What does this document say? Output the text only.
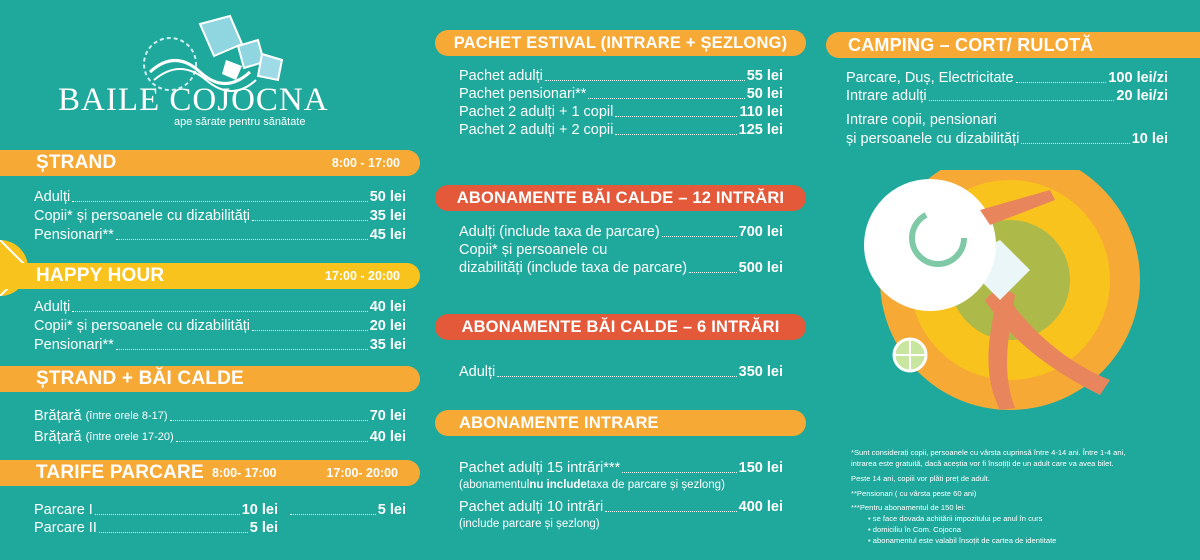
BAILE COJOCNA
ape sărate pentru sănătate
ȘTRAND	8:00 - 17:00
Adulți	50 lei
Copii* și persoanele cu dizabilități	35 lei
Pensionari**	45 lei
HAPPY HOUR	17:00 - 20:00
Adulți	40 lei
Copii* și persoanele cu dizabilități	20 lei
Pensionari**	35 lei
ȘTRAND + BĂI CALDE
Brățară
(între orele 8-17)	70 lei
Brățară
(între orele 17-20)	40 lei
TARIFE PARCARE 8:00- 17:00	17:00- 20:00
Parcare I	10 lei	5 lei
Parcare II	5 lei
PACHET ESTIVAL (INTRARE + ȘEZLONG)
Pachet adulți	55 lei
Pachet pensionari**	50 lei
Pachet 2 adulți + 1 copil	110 lei
Pachet 2 adulți + 2 copii	125 lei
ABONAMENTE BĂI CALDE – 12 INTRĂRI
Adulți (include taxa de parcare)	700 lei
Copii* și persoanele cu
dizabilități (include taxa de parcare)	500 lei
ABONAMENTE BĂI CALDE – 6 INTRĂRI
Adulți	350 lei
ABONAMENTE INTRARE
Pachet adulți 15 intrări***	150 lei
(abonamentul nu include taxa de parcare și șezlong)
Pachet adulți 10 intrări	400 lei
(include parcare și șezlong)
CAMPING – CORT/ RULOTĂ
Parcare, Duș, Electricitate	100 lei/zi
Intrare adulți	20 lei/zi
Intrare copii, pensionari
și persoanele cu dizabilități	10 lei
*Sunt considerați copii, persoanele cu vârsta cuprinsă între 4-14 ani. Între 1-4 ani,
intrarea este gratuită, dacă aceștia vor fi însoțiți de un adult care va avea bilet.
Peste 14 ani, copiii vor plăti preț de adult.
**Pensionari ( cu vârsta peste 60 ani)
***Pentru abonamentul de 150 lei:
• se face dovada achitării impozitului pe anul în curs
• domiciliu în Com. Cojocna
• abonamentul este valabil însoțit de cartea de identitate
